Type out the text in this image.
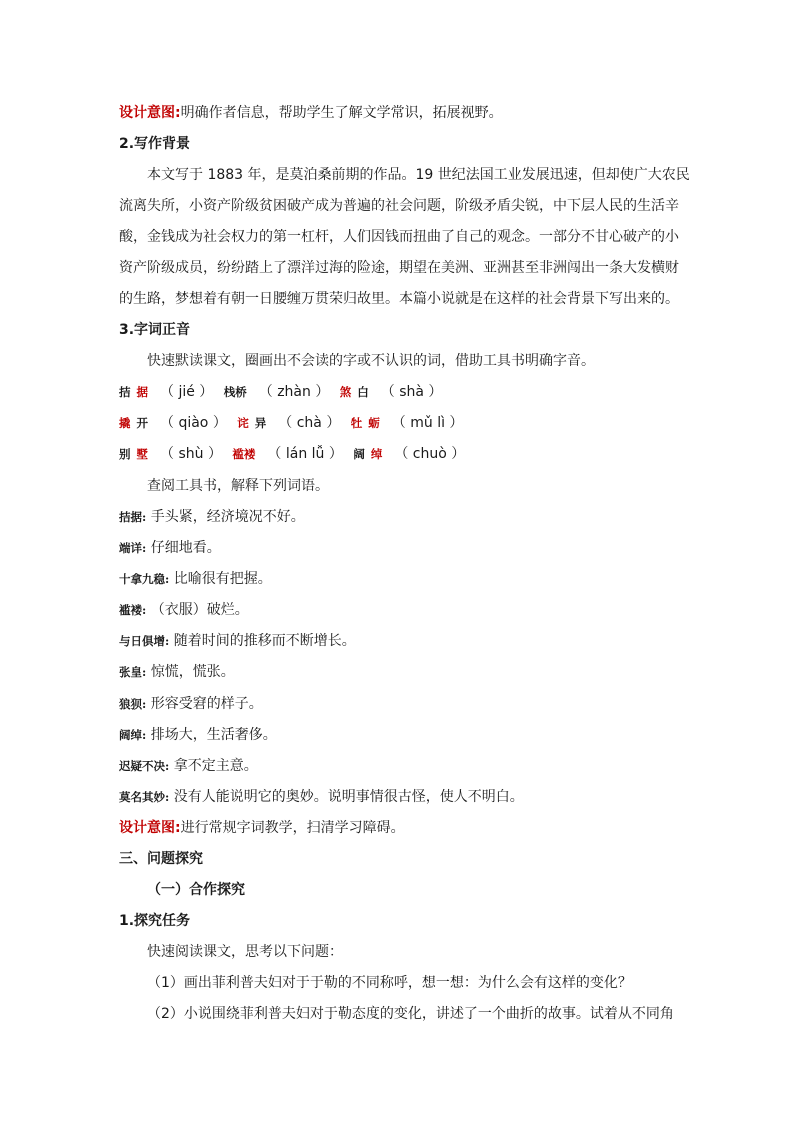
设计意图:明确作者信息，帮助学生了解文学常识，拓展视野。
2.写作背景
本文写于 1883 年，是莫泊桑前期的作品。19 世纪法国工业发展迅速，但却使广大农民
流离失所，小资产阶级贫困破产成为普遍的社会问题，阶级矛盾尖锐，中下层人民的生活辛
酸，金钱成为社会权力的第一杠杆，人们因钱而扭曲了自己的观念。一部分不甘心破产的小
资产阶级成员，纷纷踏上了漂洋过海的险途，期望在美洲、亚洲甚至非洲闯出一条大发横财
的生路，梦想着有朝一日腰缠万贯荣归故里。本篇小说就是在这样的社会背景下写出来的。
3.字词正音
快速默读课文，圈画出不会读的字或不认识的词，借助工具书明确字音。
拮 据 （ jié ） 栈桥 （ zhàn ） 煞 白 （ shà ）
撬 开 （ qiào ） 诧 异 （ chà ） 牡 蛎 （ mǔ lì ）
别 墅 （ shù ） 褴褛 （ lán lǚ ） 阔 绰 （ chuò ）
查阅工具书，解释下列词语。
拮据: 手头紧，经济境况不好。
端详: 仔细地看。
十拿九稳: 比喻很有把握。
褴褛: （衣服）破烂。
与日俱增: 随着时间的推移而不断增长。
张皇: 惊慌，慌张。
狼狈: 形容受窘的样子。
阔绰: 排场大，生活奢侈。
迟疑不决: 拿不定主意。
莫名其妙: 没有人能说明它的奥妙。说明事情很古怪，使人不明白。
设计意图:进行常规字词教学，扫清学习障碍。
三、问题探究
（一）合作探究
1.探究任务
快速阅读课文，思考以下问题：
（1）画出菲利普夫妇对于于勒的不同称呼，想一想：为什么会有这样的变化？
（2）小说围绕菲利普夫妇对于勒态度的变化，讲述了一个曲折的故事。试着从不同角
